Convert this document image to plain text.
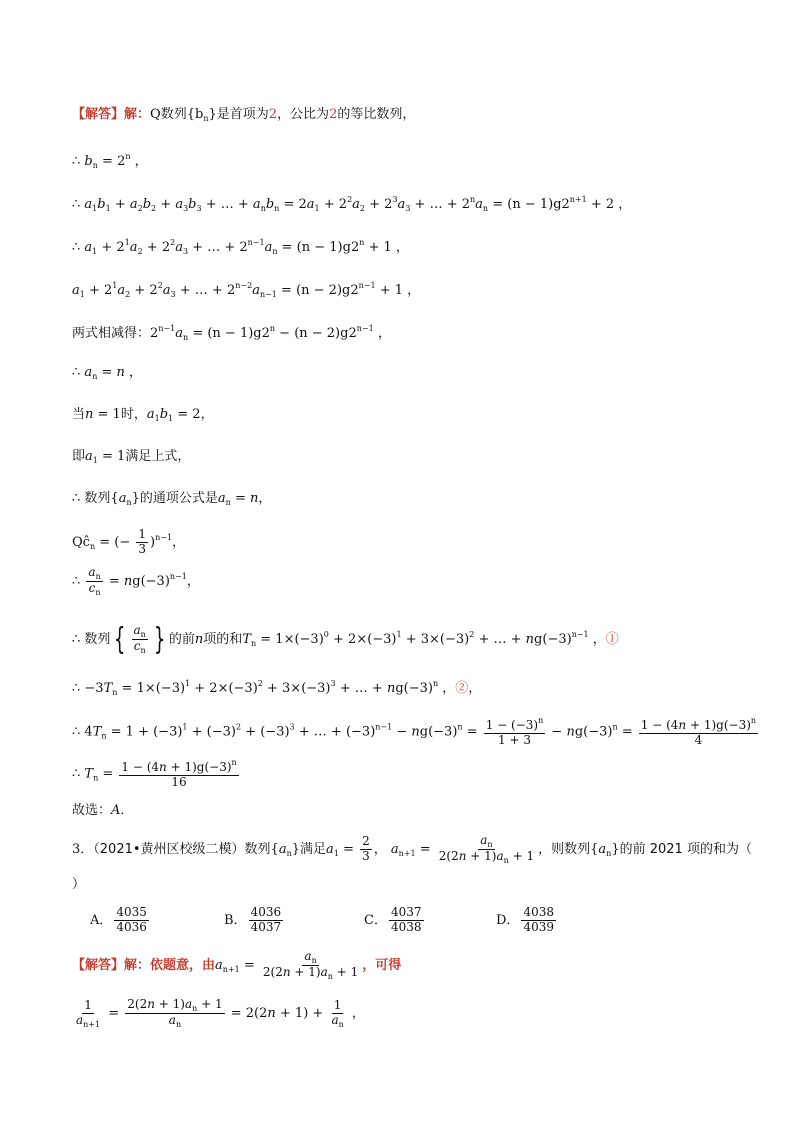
【解答】解：Q数列$\{b_n\}$是首项为2，公比为2的等比数列，
∴ $b_n = 2^n$ ，
∴ $a_1b_1 + a_2b_2 + a_3b_3$ + … + $a_nb_n = 2a_1 + 2^2a_2 + 2^3a_3$ + … + $2^na_n = (n - 1)g2^{n+1} + 2$ ，
∴ $a_1 + 2^1a_2 + 2^2a_3$ + … + $2^{n-1}a_n = (n - 1)g2^n + 1$ ，
$a_1 + 2^1a_2 + 2^2a_3$ + … + $2^{n-2}a_{n-1} = (n - 2)g2^{n-1} + 1$ ，
两式相减得：$2^{n-1}a_n = (n - 1)g2^n - (n - 2)g2^{n-1}$ ，
∴ $a_n = n$ ，
当n = 1时，$a_1b_1 = 2$，
即$a_1 = 1$满足上式，
∴ 数列$\{a_n\}$的通项公式是$a_n = n$，
$Qĉ_n$ = (− $\frac{1}{3} )^{n-1}$，
∴ $\frac{a_n}{c_n} = ng(-3)^{n-1}$，
∴ 数列 { $\frac{a_n}{c_n}$ } 的前n项的和$T_n = 1\times(-3)^0 + 2\times(-3)^1 + 3\times(-3)^2$ + … + $ng(-3)^{n-1}$ ，①
∴ $-3T_n = 1\times(-3)^1 + 2\times(-3)^2 + 3\times(-3)^3$ + … + $ng(-3)^n$ ，②，
∴ $4T_n = 1 + (-3)^1 + (-3)^2 + (-3)^3$ + … + $(-3)^{n-1} - ng(-3)^n = \frac{1 - (-3)^n}{1 + 3} - ng(-3)^n = \frac{1 - (4n + 1)g(-3)^n}{4}$
∴ $T_n = \frac{1 - (4n + 1)g(-3)^n}{16}$
故选：A．
3．（2021•黄州区校级二模）数列$\{a_n\}$满足$a_1 = \frac{2}{3}$ ， $a_{n+1} = \frac{a_n}{2(2n + 1)a_n + 1}$ ，则数列$\{a_n\}$的前 2021 项的和为（
）
A． $\frac{4035}{4036}$	B． $\frac{4036}{4037}$	C． $\frac{4037}{4038}$	D． $\frac{4038}{4039}$
【解答】解：依题意，由$a_{n+1} = \frac{a_n}{2(2n + 1)a_n + 1}$ ，可得
$\frac{1}{a_{n+1}} = \frac{2(2n + 1)a_n + 1}{a_n} = 2(2n + 1) + \frac{1}{a_n}$ ，
